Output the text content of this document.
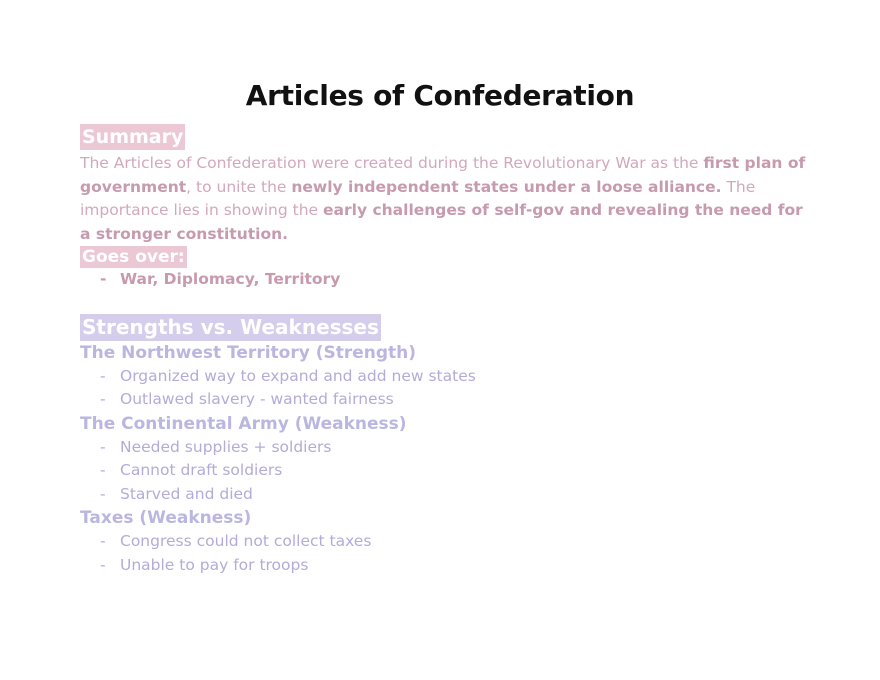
Articles of Confederation
Summary

The Articles of Confederation were created during the Revolutionary War as the first plan of government, to unite the newly independent states under a loose alliance. The importance lies in showing the early challenges of self-gov and revealing the need for a stronger constitution.

Goes over:
- War, Diplomacy, Territory
Strengths vs. Weaknesses

The Northwest Territory (Strength)

- Organized way to expand and add new states
- Outlawed slavery - wanted fairness

The Continental Army (Weakness)

- Needed supplies + soldiers
- Cannot draft soldiers
- Starved and died

Taxes (Weakness)

- Congress could not collect taxes
- Unable to pay for troops
